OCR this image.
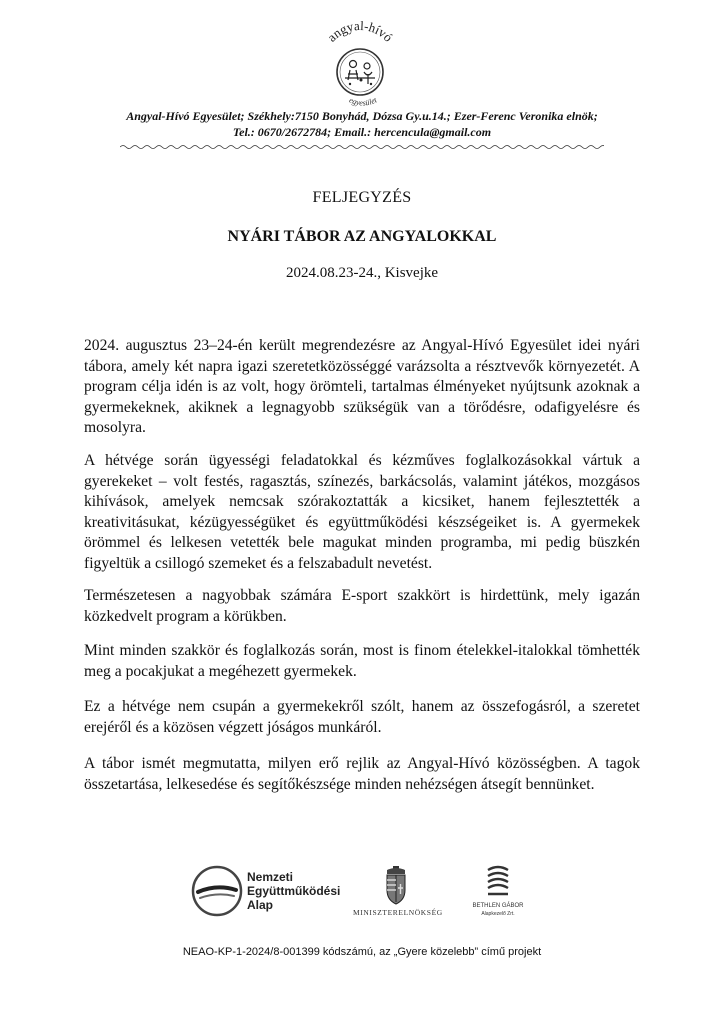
angyal-hívó
egyesület
Angyal-Hívó Egyesület; Székhely:7150 Bonyhád, Dózsa Gy.u.14.; Ezer-Ferenc Veronika elnök;
Tel.: 0670/2672784; Email.: hercencula@gmail.com
FELJEGYZÉS
NYÁRI TÁBOR AZ ANGYALOKKAL
2024.08.23-24., Kisvejke

2024. augusztus 23–24-én került megrendezésre az Angyal-Hívó Egyesület idei nyári tábora, amely két napra igazi szeretetközösséggé varázsolta a résztvevők környezetét. A program célja idén is az volt, hogy örömteli, tartalmas élményeket nyújtsunk azoknak a gyermekeknek, akiknek a legnagyobb szükségük van a törődésre, odafigyelésre és mosolyra.

A hétvége során ügyességi feladatokkal és kézműves foglalkozásokkal vártuk a gyerekeket – volt festés, ragasztás, színezés, barkácsolás, valamint játékos, mozgásos kihívások, amelyek nemcsak szórakoztatták a kicsiket, hanem fejlesztették a kreativitásukat, kézügyességüket és együttműködési készségeiket is. A gyermekek örömmel és lelkesen vetették bele magukat minden programba, mi pedig büszkén figyeltük a csillogó szemeket és a felszabadult nevetést.

Természetesen a nagyobbak számára E-sport szakkört is hirdettünk, mely igazán közkedvelt program a körükben.

Mint minden szakkör és foglalkozás során, most is finom ételekkel-italokkal tömhették meg a pocakjukat a megéhezett gyermekek.

Ez a hétvége nem csupán a gyermekekről szólt, hanem az összefogásról, a szeretet erejéről és a közösen végzett jóságos munkáról.

A tábor ismét megmutatta, milyen erő rejlik az Angyal-Hívó közösségben. A tagok összetartása, lelkesedése és segítőkészsége minden nehézségen átsegít bennünket.

Nemzeti
Együttműködési
Alap
MINISZTERELNÖKSÉG
BETHLEN GÁBOR
Alapkezelő Zrt.
NEAO-KP-1-2024/8-001399 kódszámú, az „Gyere közelebb” című projekt
